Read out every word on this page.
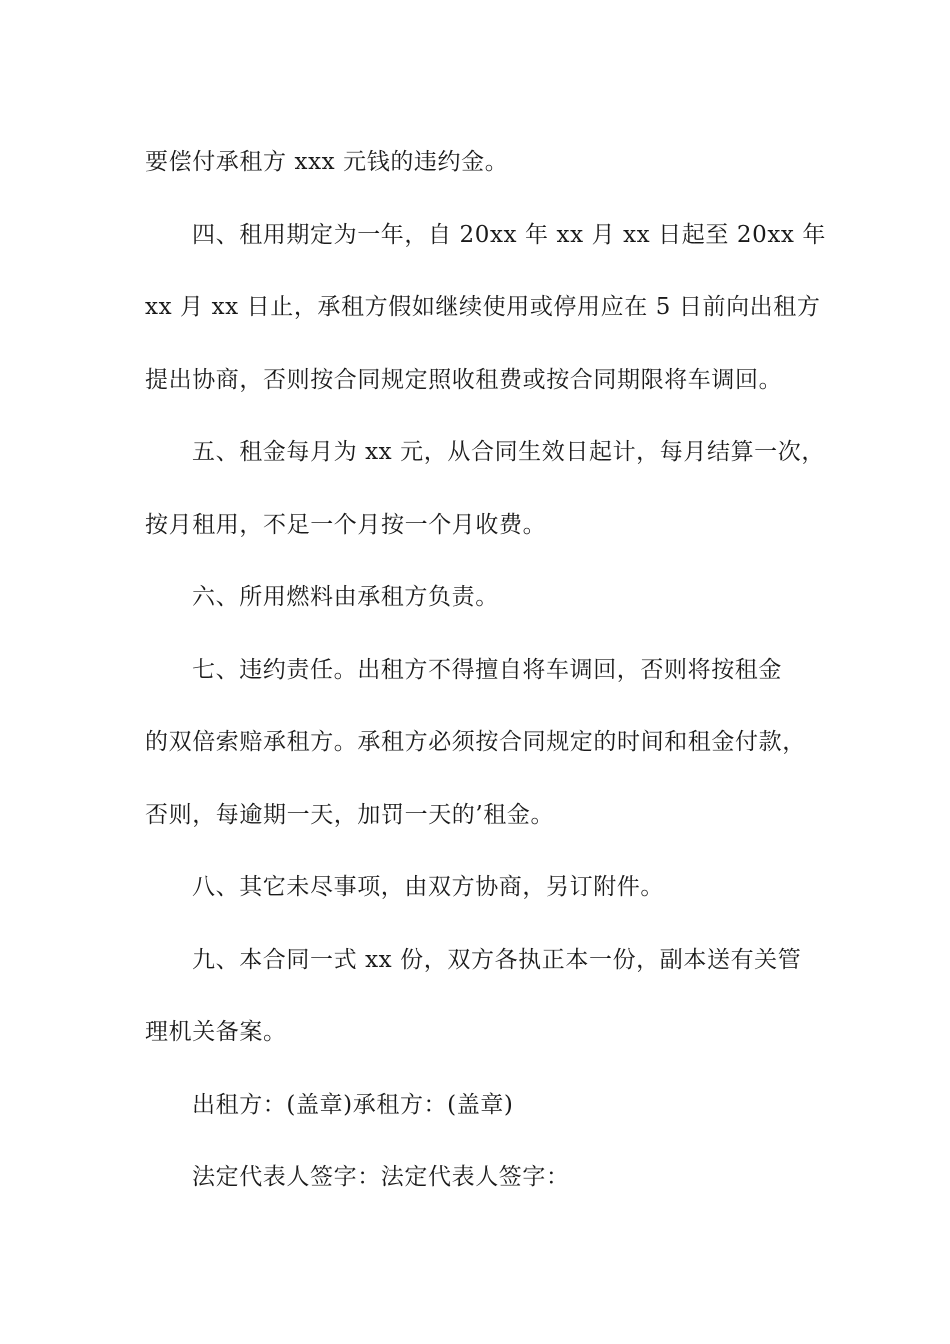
要偿付承租方 xxx 元钱的违约金。
四、租用期定为一年，自 20xx 年 xx 月 xx 日起至 20xx 年
xx 月 xx 日止，承租方假如继续使用或停用应在 5 日前向出租方
提出协商，否则按合同规定照收租费或按合同期限将车调回。
五、租金每月为 xx 元，从合同生效日起计，每月结算一次，
按月租用，不足一个月按一个月收费。
六、所用燃料由承租方负责。
七、违约责任。出租方不得擅自将车调回，否则将按租金
的双倍索赔承租方。承租方必须按合同规定的时间和租金付款，
否则，每逾期一天，加罚一天的’租金。
八、其它未尽事项，由双方协商，另订附件。
九、本合同一式 xx 份，双方各执正本一份，副本送有关管
理机关备案。
出租方：(盖章)承租方：(盖章)
法定代表人签字：法定代表人签字：
